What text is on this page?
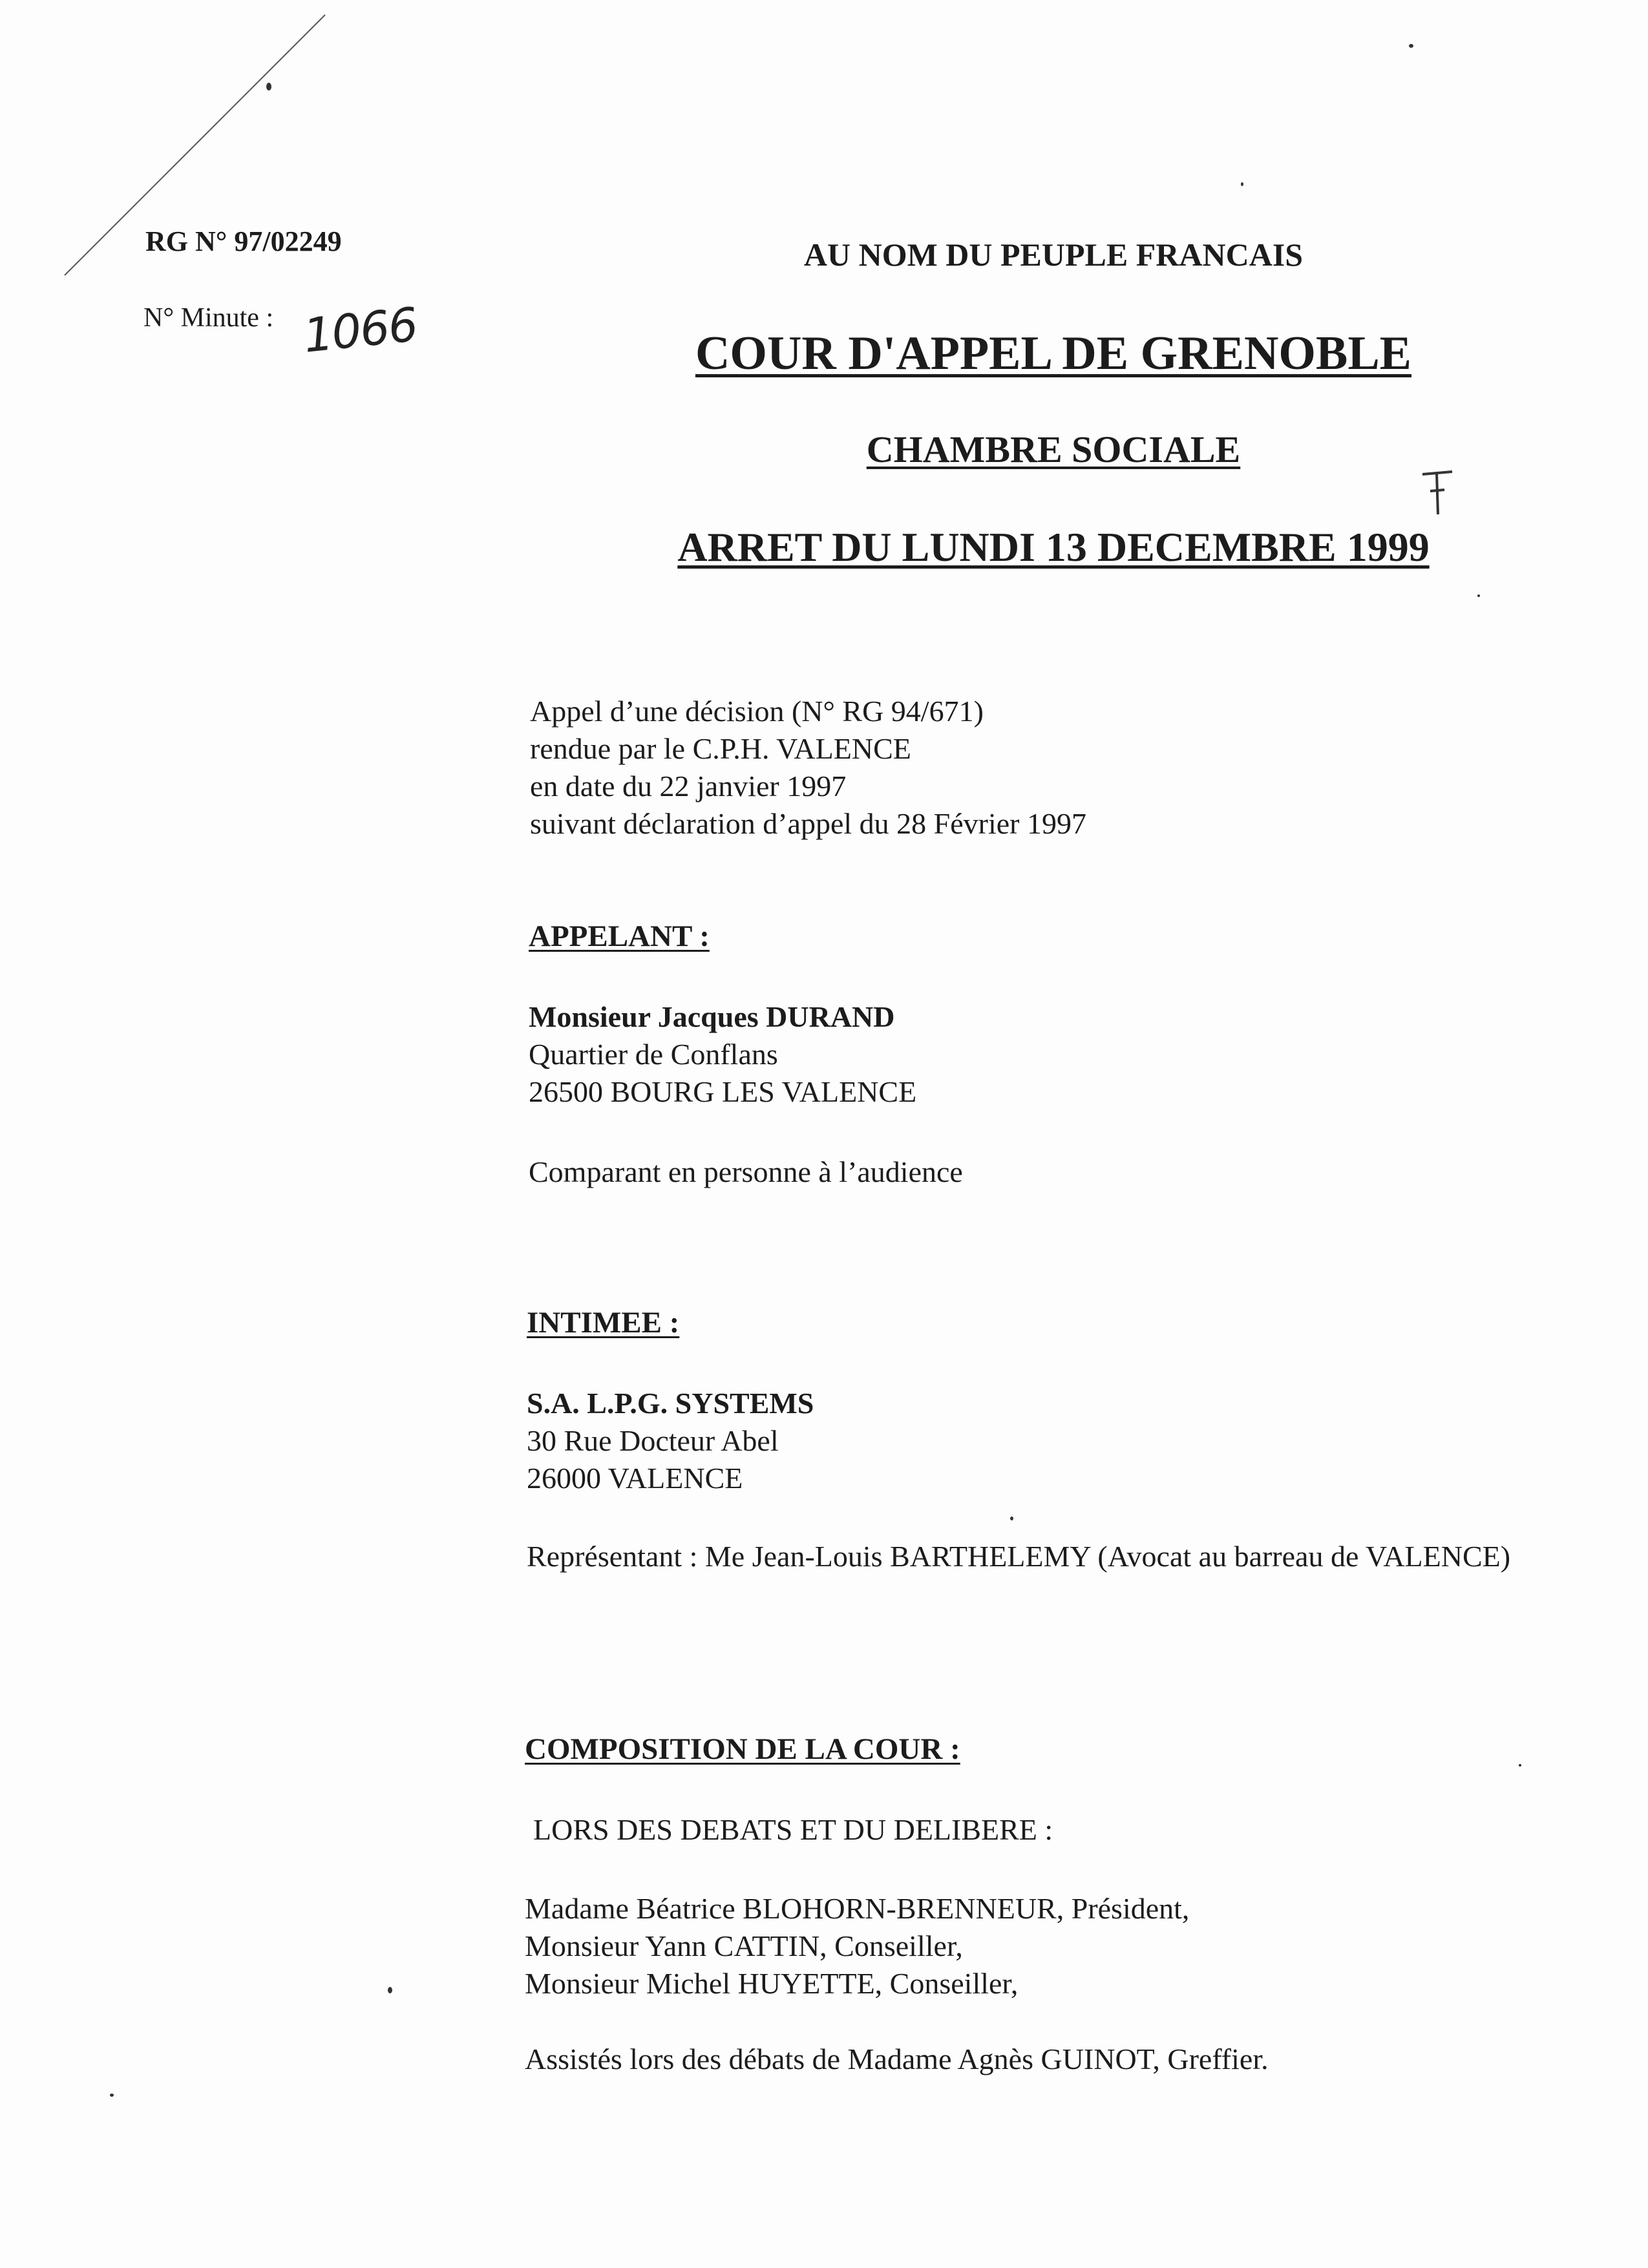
RG N° 97/02249
N° Minute : 1066
AU NOM DU PEUPLE FRANCAIS
COUR D'APPEL DE GRENOBLE
CHAMBRE SOCIALE
ARRET DU LUNDI 13 DECEMBRE 1999
Appel d’une décision (N° RG 94/671)
rendue par le C.P.H. VALENCE
en date du 22 janvier 1997
suivant déclaration d’appel du 28 Février 1997
APPELANT :
Monsieur Jacques DURAND
Quartier de Conflans
26500 BOURG LES VALENCE
Comparant en personne à l’audience
INTIMEE :
S.A. L.P.G. SYSTEMS
30 Rue Docteur Abel
26000 VALENCE
Représentant : Me Jean-Louis BARTHELEMY (Avocat au barreau de VALENCE)
COMPOSITION DE LA COUR :
LORS DES DEBATS ET DU DELIBERE :
Madame Béatrice BLOHORN-BRENNEUR, Président,
Monsieur Yann CATTIN, Conseiller,
Monsieur Michel HUYETTE, Conseiller,
Assistés lors des débats de Madame Agnès GUINOT, Greffier.
